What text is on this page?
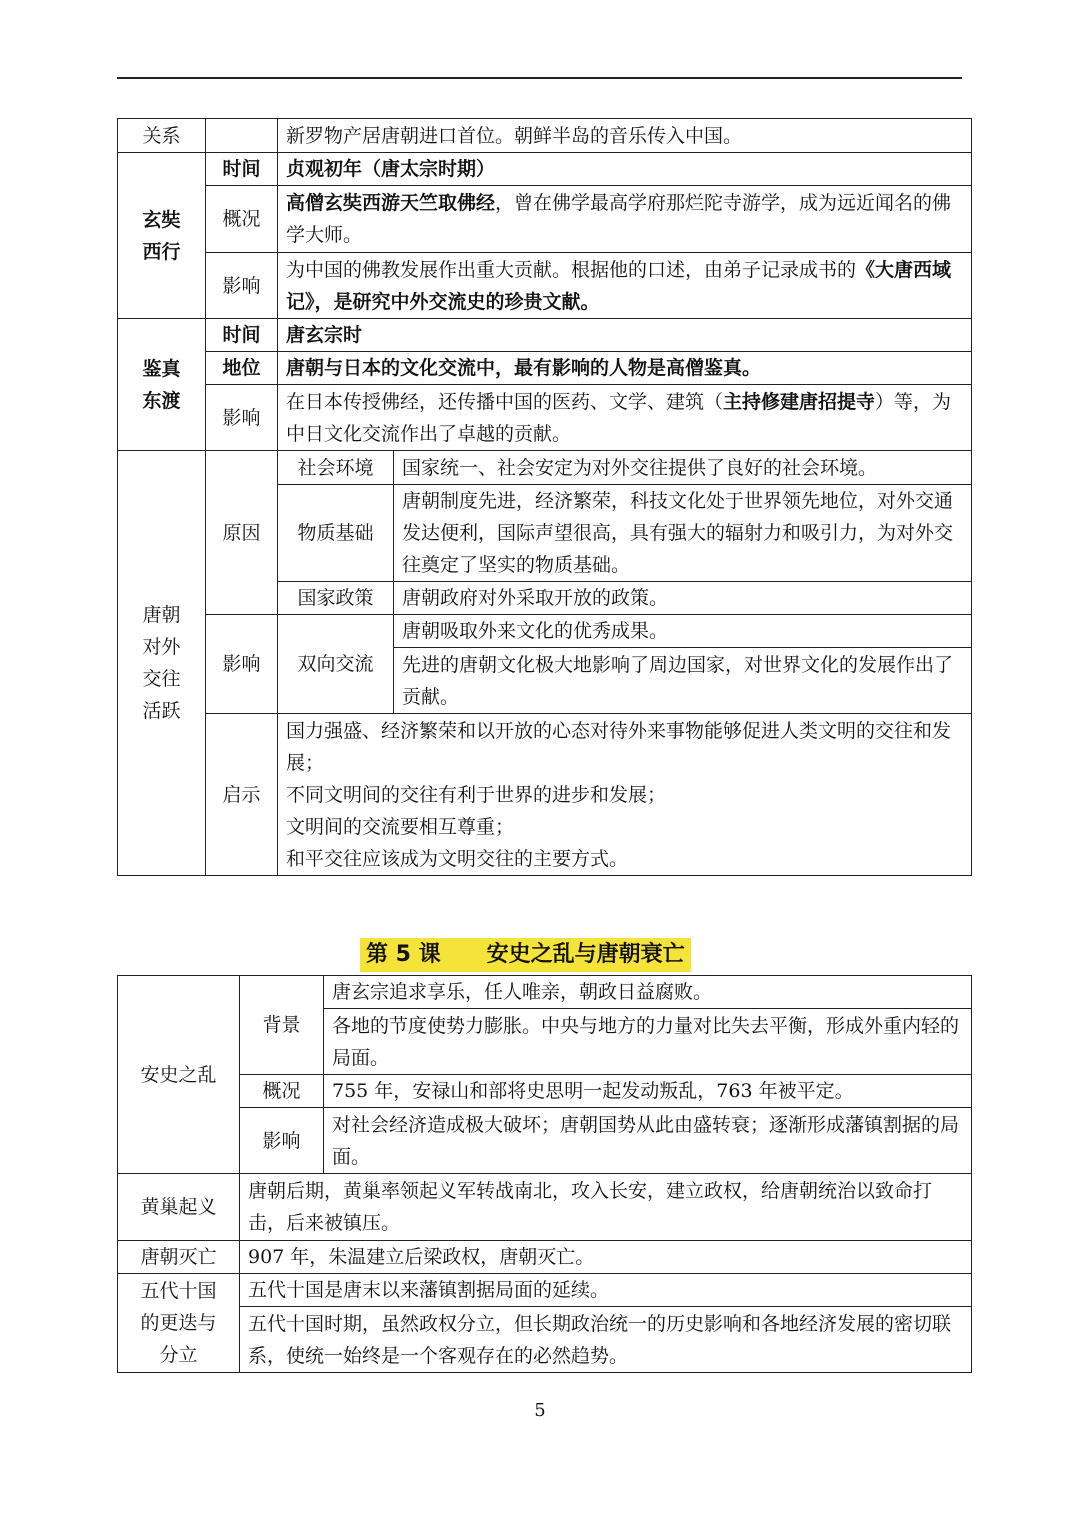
关系		新罗物产居唐朝进口首位。朝鲜半岛的音乐传入中国。	
玄奘西行	时间	贞观初年（唐太宗时期）	
	概况	高僧玄奘西游天竺取佛经，曾在佛学最高学府那烂陀寺游学，成为远近闻名的佛学大师。	
	影响	为中国的佛教发展作出重大贡献。根据他的口述，由弟子记录成书的《大唐西域记》，是研究中外交流史的珍贵文献。	
鉴真东渡	时间	唐玄宗时	
	地位	唐朝与日本的文化交流中，最有影响的人物是高僧鉴真。	
	影响	在日本传授佛经，还传播中国的医药、文学、建筑（主持修建唐招提寺）等，为中日文化交流作出了卓越的贡献。	

唐朝
对外
交往
活跃	原因	社会环境	国家统一、社会安定为对外交往提供了良好的社会环境。
		物质基础	唐朝制度先进，经济繁荣，科技文化处于世界领先地位，对外交通发达便利，国际声望很高，具有强大的辐射力和吸引力，为对外交往奠定了坚实的物质基础。
		国家政策	唐朝政府对外采取开放的政策。
	影响	双向交流	唐朝吸取外来文化的优秀成果。
			先进的唐朝文化极大地影响了周边国家，对世界文化的发展作出了贡献。
	启示	国力强盛、经济繁荣和以开放的心态对待外来事物能够促进人类文明的交往和发展；
不同文明间的交往有利于世界的进步和发展；
文明间的交流要相互尊重；
和平交往应该成为文明交往的主要方式。	
第 5 课 安史之乱与唐朝衰亡
安史之乱	背景	唐玄宗追求享乐，任人唯亲，朝政日益腐败。
		各地的节度使势力膨胀。中央与地方的力量对比失去平衡，形成外重内轻的局面。
	概况	755 年，安禄山和部将史思明一起发动叛乱，763 年被平定。
	影响	对社会经济造成极大破坏；唐朝国势从此由盛转衰；逐渐形成藩镇割据的局面。

黄巢起义	唐朝后期，黄巢率领起义军转战南北，攻入长安，建立政权，给唐朝统治以致命打击，后来被镇压。	
唐朝灭亡	907 年，朱温建立后梁政权，唐朝灭亡。	

五代十国
的更迭与
分立	五代十国是唐末以来藩镇割据局面的延续。	
	五代十国时期，虽然政权分立，但长期政治统一的历史影响和各地经济发展的密切联系，使统一始终是一个客观存在的必然趋势。	
5
